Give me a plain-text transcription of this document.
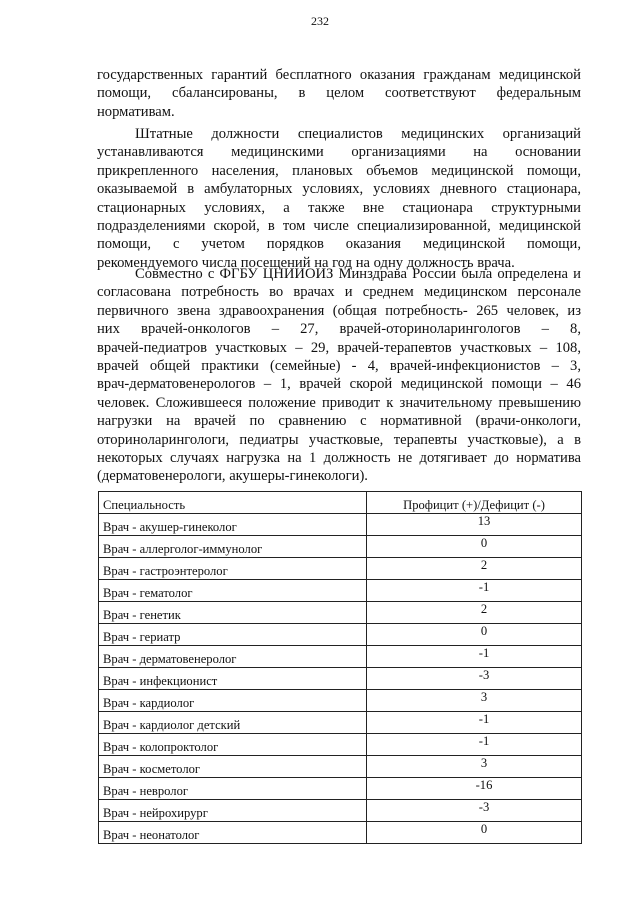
232
государственных гарантий бесплатного оказания гражданам медицинской
помощи, сбалансированы, в целом соответствуют федеральным
нормативам.
Штатные должности специалистов медицинских организаций
устанавливаются медицинскими организациями на основании
прикрепленного населения, плановых объемов медицинской помощи,
оказываемой в амбулаторных условиях, условиях дневного стационара,
стационарных условиях, а также вне стационара структурными
подразделениями скорой, в том числе специализированной, медицинской
помощи, с учетом порядков оказания медицинской помощи,
рекомендуемого числа посещений на год на одну должность врача.
Совместно с ФГБУ ЦНИИОИЗ Минздрава России была определена и
согласована потребность во врачах и среднем медицинском персонале
первичного звена здравоохранения (общая потребность- 265 человек, из
них врачей-онкологов – 27, врачей-оториноларингологов – 8,
врачей-педиатров участковых – 29, врачей-терапевтов участковых – 108,
врачей общей практики (семейные) - 4, врачей-инфекционистов – 3,
врач-дерматовенерологов – 1, врачей скорой медицинской помощи – 46
человек. Сложившееся положение приводит к значительному превышению
нагрузки на врачей по сравнению с нормативной (врачи-онкологи,
оториноларингологи, педиатры участковые, терапевты участковые), а в
некоторых случаях нагрузка на 1 должность не дотягивает до норматива
(дерматовенерологи, акушеры-гинекологи).
Специальность	Профицит (+)/Дефицит (-)
Врач - акушер-гинеколог	13
Врач - аллерголог-иммунолог	0
Врач - гастроэнтеролог	2
Врач - гематолог	-1
Врач - генетик	2
Врач - гериатр	0
Врач - дерматовенеролог	-1
Врач - инфекционист	-3
Врач - кардиолог	3
Врач - кардиолог детский	-1
Врач - колопроктолог	-1
Врач - косметолог	3
Врач - невролог	-16
Врач - нейрохирург	-3
Врач - неонатолог	0
